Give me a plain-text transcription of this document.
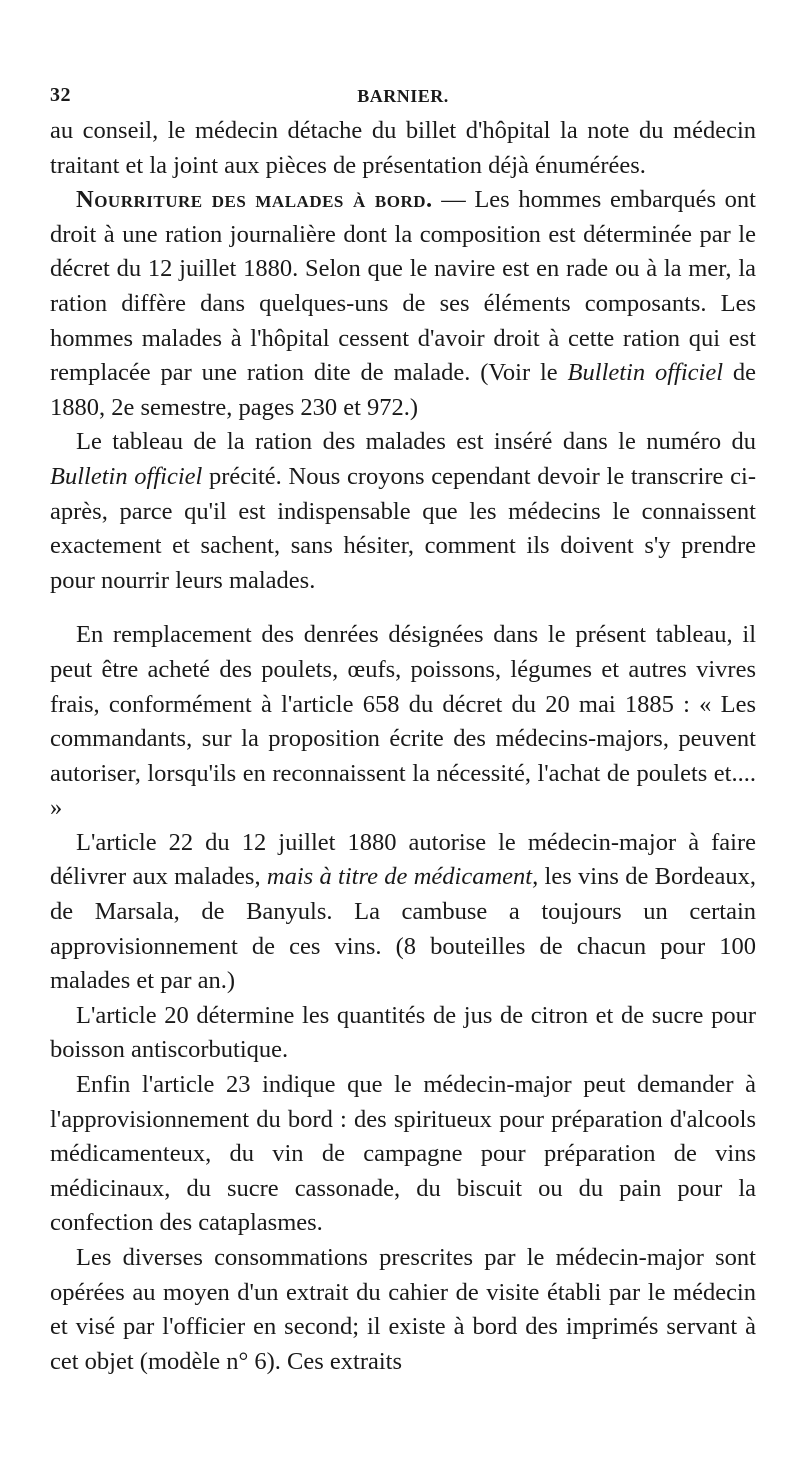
32	BARNIER.

au conseil, le médecin détache du billet d'hôpital la note du médecin traitant et la joint aux pièces de présentation déjà énumérées.

Nourriture des malades à bord. — Les hommes embarqués ont droit à une ration journalière dont la composition est déterminée par le décret du 12 juillet 1880. Selon que le navire est en rade ou à la mer, la ration diffère dans quelques-uns de ses éléments composants. Les hommes malades à l'hôpital cessent d'avoir droit à cette ration qui est remplacée par une ration dite de malade. (Voir le Bulletin officiel de 1880, 2e semestre, pages 230 et 972.)

Le tableau de la ration des malades est inséré dans le numéro du Bulletin officiel précité. Nous croyons cependant devoir le transcrire ci-après, parce qu'il est indispensable que les médecins le connaissent exactement et sachent, sans hésiter, comment ils doivent s'y prendre pour nourrir leurs malades.

En remplacement des denrées désignées dans le présent tableau, il peut être acheté des poulets, œufs, poissons, légumes et autres vivres frais, conformément à l'article 658 du décret du 20 mai 1885 : « Les commandants, sur la proposition écrite des médecins-majors, peuvent autoriser, lorsqu'ils en reconnaissent la nécessité, l'achat de poulets et.... »

L'article 22 du 12 juillet 1880 autorise le médecin-major à faire délivrer aux malades, mais à titre de médicament, les vins de Bordeaux, de Marsala, de Banyuls. La cambuse a toujours un certain approvisionnement de ces vins. (8 bouteilles de chacun pour 100 malades et par an.)

L'article 20 détermine les quantités de jus de citron et de sucre pour boisson antiscorbutique.

Enfin l'article 23 indique que le médecin-major peut demander à l'approvisionnement du bord : des spiritueux pour préparation d'alcools médicamenteux, du vin de campagne pour préparation de vins médicinaux, du sucre cassonade, du biscuit ou du pain pour la confection des cataplasmes.

Les diverses consommations prescrites par le médecin-major sont opérées au moyen d'un extrait du cahier de visite établi par le médecin et visé par l'officier en second; il existe à bord des imprimés servant à cet objet (modèle n° 6). Ces extraits
